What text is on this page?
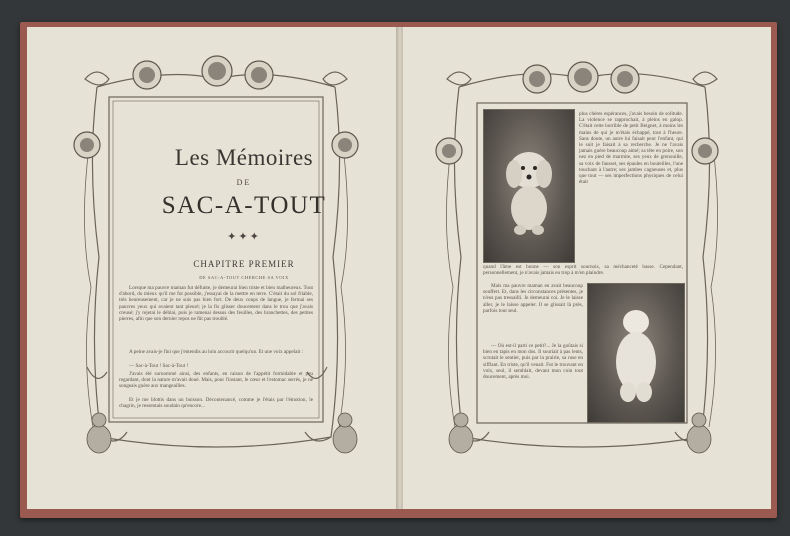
Les Mémoires
DE
SAC-A-TOUT
✦✦✦
CHAPITRE PREMIER
DE SAC-A-TOUT CHERCHE SA VOIX
Lorsque ma pauvre maman fut défunte, je demeurai bien triste et bien malheureux. Tout d'abord, du mieux qu'il me fut possible, j'essayai de la mettre en terre. C'était du sol friable, très heureusement, car je ne suis pas bien fort. De deux coups de langue, je fermai ses pauvres yeux qui avaient tant pleuré; je la fis glisser doucement dans le trou que j'avais creusé; j'y rejetai le déblai, puis je ramenai dessus des feuilles, des branchettes, des petites pierres, afin que son dernier repos ne fût pas troublé.
A peine avais-je fini que j'entendis au loin accourir quelqu'un. Et une voix appelait :
— Sac-à-Tout ! Sac-à-Tout !
J'avais été surnommé ainsi, des enfants, en raison de l'appétit formidable et peu regardant, dont la nature m'avait doué. Mais, pour l'instant, le cœur et l'estomac serrés, je ne songeais guère aux mangeailles.
Et je me blottis dans un buisson. Décontenancé, comme je l'étais par l'émotion, le chagrin, je ressentais soudain qu'encore...
plus chères espérances, j'avais besoin de solitude. La violence se rapprochait, à pleins en galop. C'était cette horrible de petit Beignet, à moins les mains de qui je m'étais échappé, tout à l'heure. Sans doute, un autre lui faisait peur l'enfant, qui le suit je faisait à sa recherche. Je ne l'avais jamais guère beaucoup aimé; sa tête en poire, son nez en pied de marmite, ses yeux de grenouille, sa voix de fausset, ses épaules en bouteilles, l'une touchant à l'autre; ses jambes cagneuses et, plus que tout — ses imperfections physiques de celui était
quand l'âme est bonne — son esprit sournois, sa méchanceté basse. Cependant, personnellement, je n'avais jamais eu trop à m'en plaindre.
Mais ma pauvre maman en avait beaucoup souffert. Et, dans les circonstances présentes, je n'eus pas tressailli. Je demeurai coi. Je le laisse aller, je le laisse appeler. Il se glissait là près, parfois tout seul.
— Où est-il parti ce petit?... Je la goûtais si bien en tapis en mon dos. Il souriait à pas lents, scrutait le sentier, puis par la prairie, sa ruse en sifflant. En triste, qu'il venait. Fut le trouvant en voix, seul, il semblait, devant mon coin tout doucement, après moi.
